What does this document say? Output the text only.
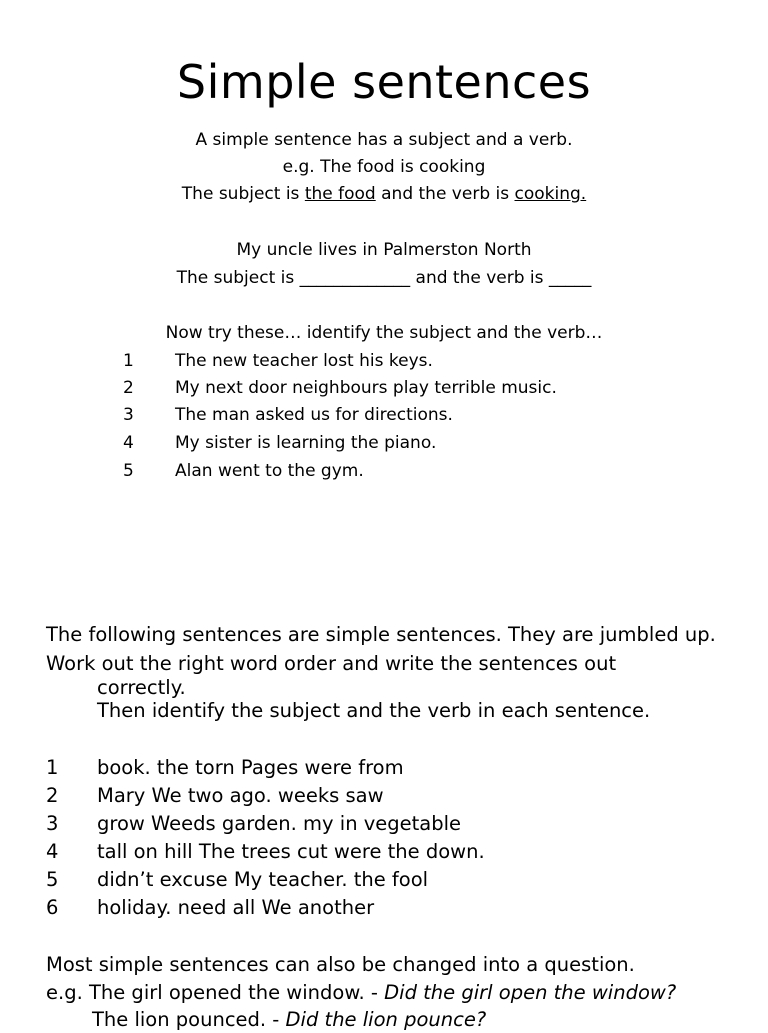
Simple sentences
A simple sentence has a subject and a verb.
e.g. The food is cooking
The subject is the food and the verb is cooking.
My uncle lives in Palmerston North
The subject is _____________ and the verb is _____
Now try these… identify the subject and the verb…
1 The new teacher lost his keys.
2 My next door neighbours play terrible music.
3 The man asked us for directions.
4 My sister is learning the piano.
5 Alan went to the gym.
The following sentences are simple sentences. They are jumbled up.
Work out the right word order and write the sentences out
correctly.
Then identify the subject and the verb in each sentence.
1 book. the torn Pages were from
2 Mary We two ago. weeks saw
3 grow Weeds garden. my in vegetable
4 tall on hill The trees cut were the down.
5 didn’t excuse My teacher. the fool
6 holiday. need all We another
Most simple sentences can also be changed into a question.
e.g. The girl opened the window. - Did the girl open the window?
The lion pounced. - Did the lion pounce?
